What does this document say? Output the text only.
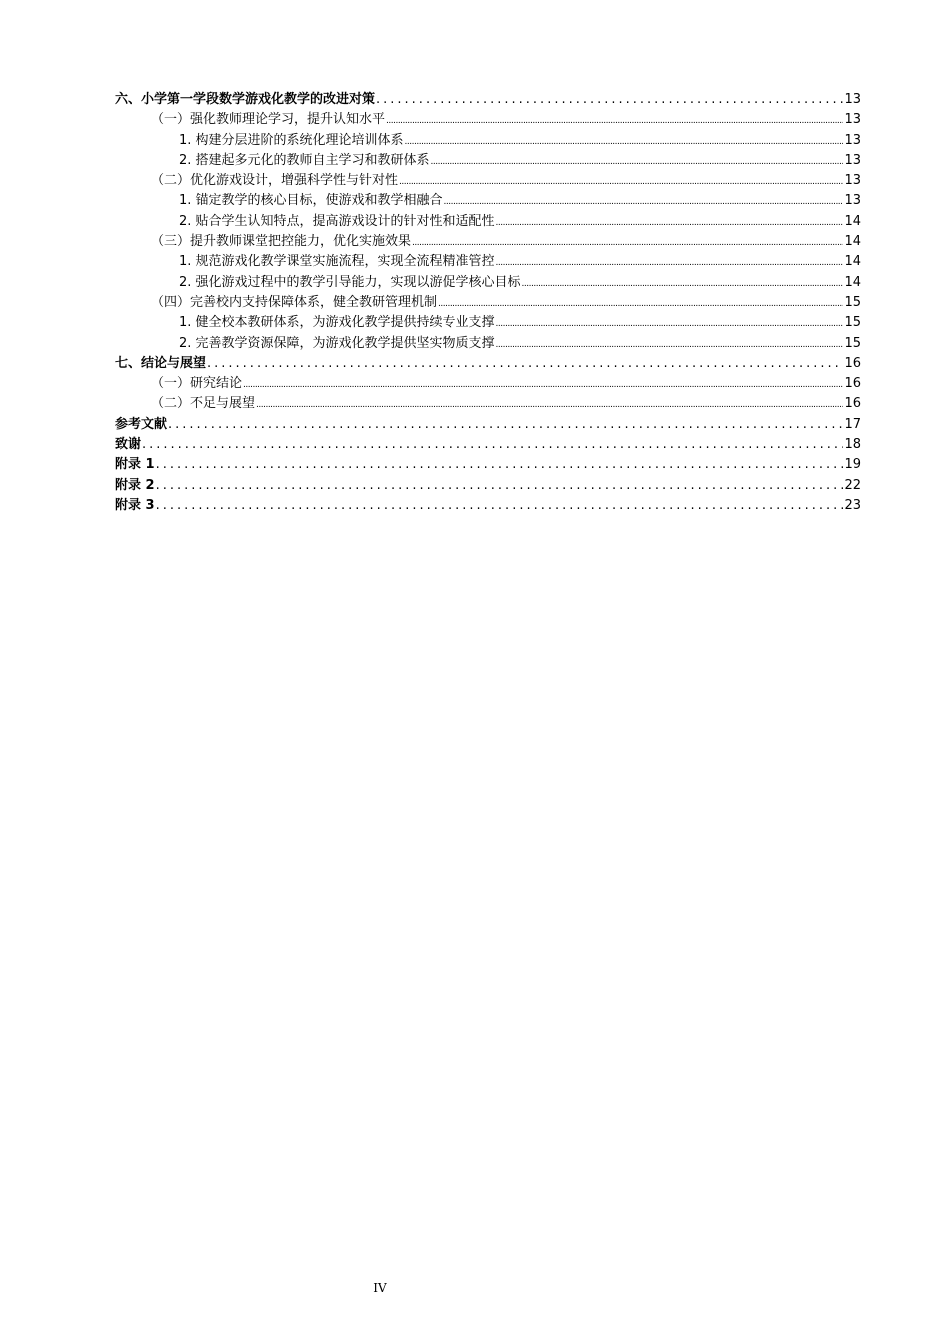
六、小学第一学段数学游戏化教学的改进对策 .....	13
（一）强化教师理论学习，提升认知水平 .....	13
1. 构建分层进阶的系统化理论培训体系 .....	13
2. 搭建起多元化的教师自主学习和教研体系 .....	13
（二）优化游戏设计，增强科学性与针对性 .....	13
1. 锚定教学的核心目标，使游戏和教学相融合 .....	13
2. 贴合学生认知特点，提高游戏设计的针对性和适配性 .....	14
（三）提升教师课堂把控能力，优化实施效果 .....	14
1. 规范游戏化教学课堂实施流程，实现全流程精准管控 .....	14
2. 强化游戏过程中的教学引导能力，实现以游促学核心目标 .....	14
（四）完善校内支持保障体系，健全教研管理机制 .....	15
1. 健全校本教研体系，为游戏化教学提供持续专业支撑 .....	15
2. 完善教学资源保障，为游戏化教学提供坚实物质支撑 .....	15
七、结论与展望 .....	16
（一）研究结论 .....	16
（二）不足与展望 .....	16
参考文献 .....	17
致谢 .....	18
附录 1 .....	19
附录 2 .....	22
附录 3 .....	23
IV
